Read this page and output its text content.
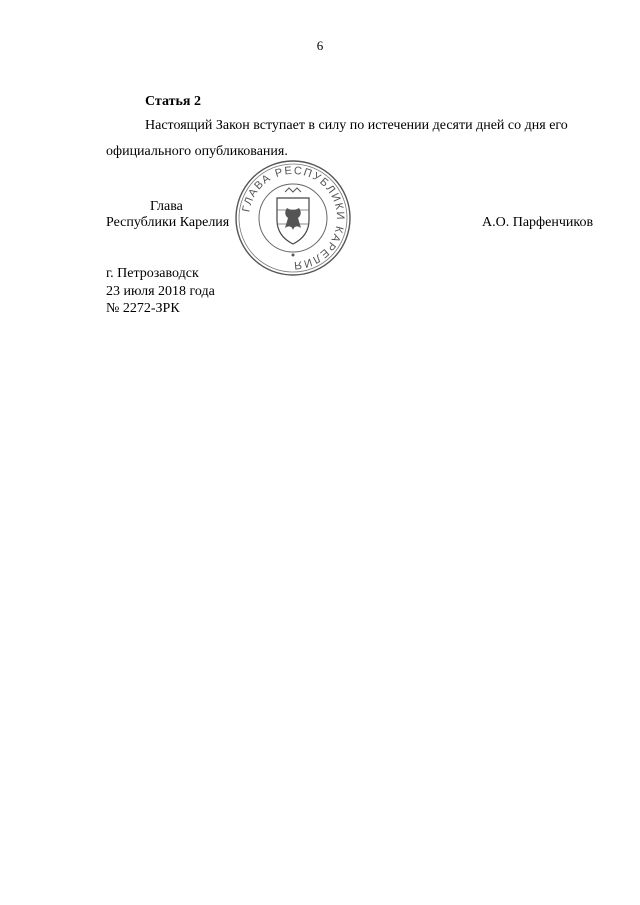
6
Статья 2
Настоящий Закон вступает в силу по истечении десяти дней со дня его
официального опубликования.
Глава
Республики Карелия	А.О. Парфенчиков
ГЛАВА РЕСПУБЛИКИ КАРЕЛИЯ
г. Петрозаводск
23 июля 2018 года
№ 2272-ЗРК
